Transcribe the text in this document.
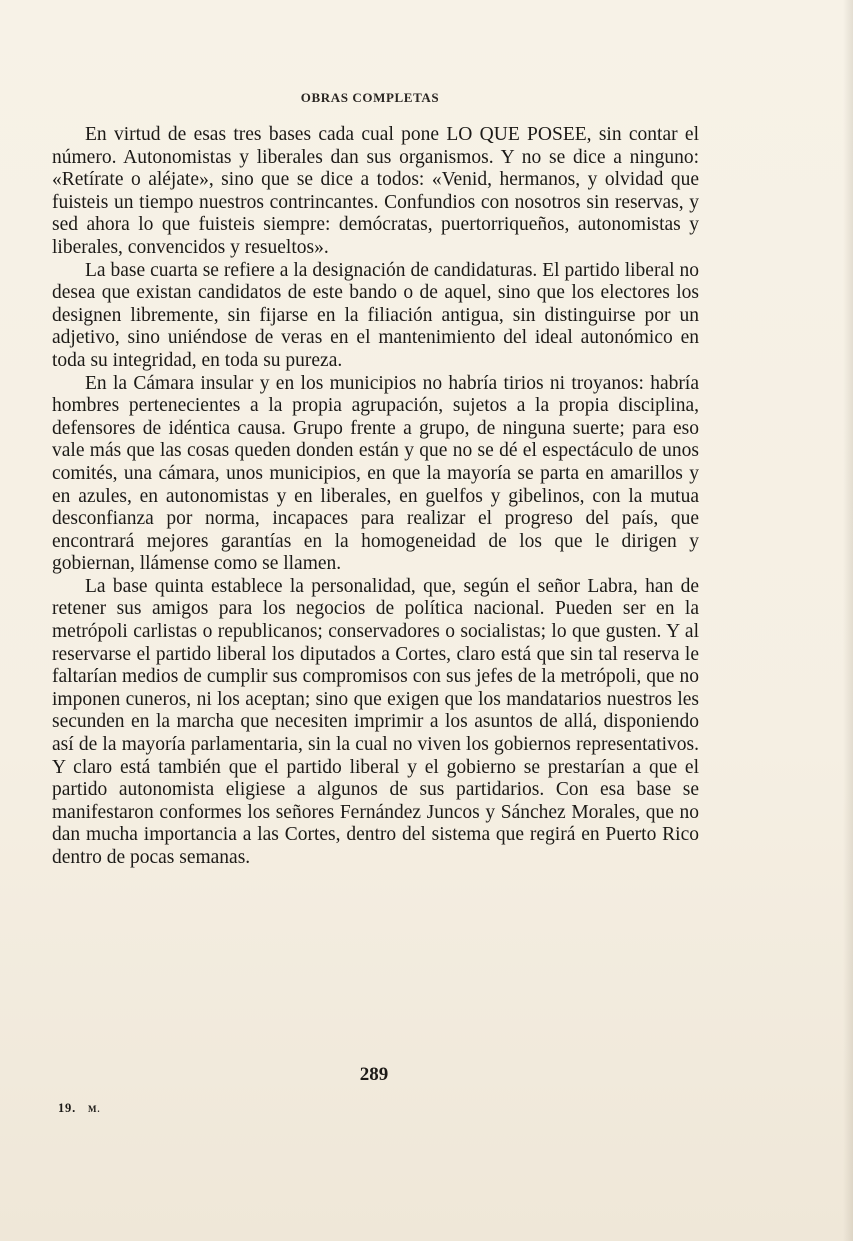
OBRAS COMPLETAS

En virtud de esas tres bases cada cual pone LO QUE POSEE, sin contar el número. Autonomistas y liberales dan sus organismos. Y no se dice a ninguno: «Retírate o aléjate», sino que se dice a todos: «Venid, hermanos, y olvidad que fuisteis un tiempo nuestros contrincantes. Confundios con nosotros sin reservas, y sed ahora lo que fuisteis siempre: demócratas, puertorriqueños, autonomistas y liberales, convencidos y resueltos».

La base cuarta se refiere a la designación de candidaturas. El partido liberal no desea que existan candidatos de este bando o de aquel, sino que los electores los designen libremente, sin fijarse en la filiación antigua, sin distinguirse por un adjetivo, sino uniéndose de veras en el mantenimiento del ideal autonómico en toda su integridad, en toda su pureza.

En la Cámara insular y en los municipios no habría tirios ni troyanos: habría hombres pertenecientes a la propia agrupación, sujetos a la propia disciplina, defensores de idéntica causa. Grupo frente a grupo, de ninguna suerte; para eso vale más que las cosas queden donden están y que no se dé el espectáculo de unos comités, una cámara, unos municipios, en que la mayoría se parta en amarillos y en azules, en autonomistas y en liberales, en guelfos y gibelinos, con la mutua desconfianza por norma, incapaces para realizar el progreso del país, que encontrará mejores garantías en la homogeneidad de los que le dirigen y gobiernan, llámense como se llamen.

La base quinta establece la personalidad, que, según el señor Labra, han de retener sus amigos para los negocios de política nacional. Pueden ser en la metrópoli carlistas o republicanos; conservadores o socialistas; lo que gusten. Y al reservarse el partido liberal los diputados a Cortes, claro está que sin tal reserva le faltarían medios de cumplir sus compromisos con sus jefes de la metrópoli, que no imponen cuneros, ni los aceptan; sino que exigen que los mandatarios nuestros les secunden en la marcha que necesiten imprimir a los asuntos de allá, disponiendo así de la mayoría parlamentaria, sin la cual no viven los gobiernos representativos. Y claro está también que el partido liberal y el gobierno se prestarían a que el partido autonomista eligiese a algunos de sus partidarios. Con esa base se manifestaron conformes los señores Fernández Juncos y Sánchez Morales, que no dan mucha importancia a las Cortes, dentro del sistema que regirá en Puerto Rico dentro de pocas semanas.

289
19. M.
